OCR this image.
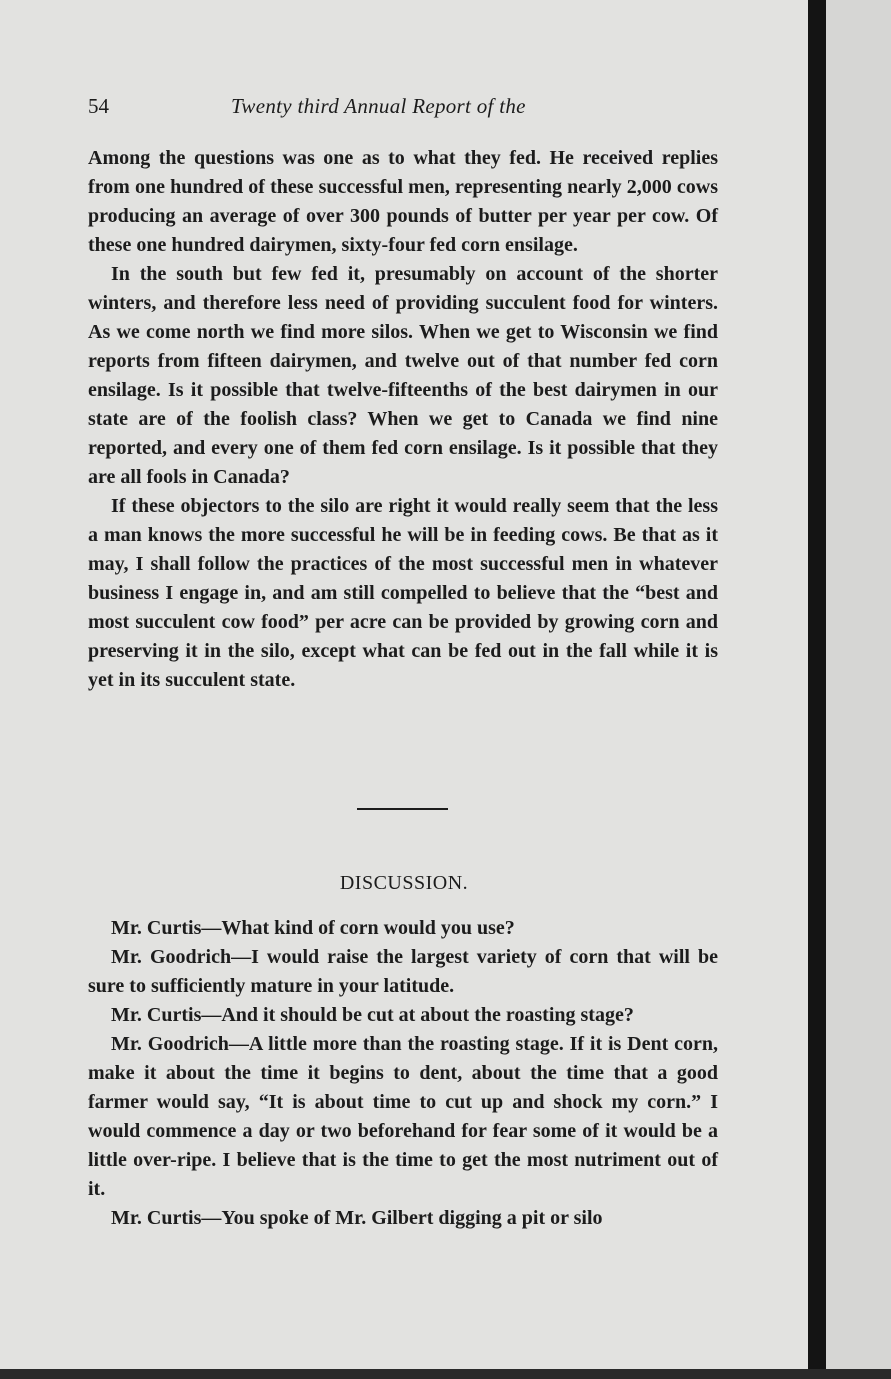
54	Twenty third Annual Report of the

Among the questions was one as to what they fed. He received replies from one hundred of these successful men, representing nearly 2,000 cows producing an average of over 300 pounds of butter per year per cow. Of these one hundred dairymen, sixty-four fed corn ensilage.

In the south but few fed it, presumably on account of the shorter winters, and therefore less need of providing succulent food for winters. As we come north we find more silos. When we get to Wisconsin we find reports from fifteen dairymen, and twelve out of that number fed corn ensilage. Is it possible that twelve-fifteenths of the best dairymen in our state are of the foolish class? When we get to Canada we find nine reported, and every one of them fed corn ensilage. Is it possible that they are all fools in Canada?

If these objectors to the silo are right it would really seem that the less a man knows the more successful he will be in feeding cows. Be that as it may, I shall follow the practices of the most successful men in whatever business I engage in, and am still compelled to believe that the “best and most succulent cow food” per acre can be provided by growing corn and preserving it in the silo, except what can be fed out in the fall while it is yet in its succulent state.

DISCUSSION.

Mr. Curtis—What kind of corn would you use?

Mr. Goodrich—I would raise the largest variety of corn that will be sure to sufficiently mature in your latitude.

Mr. Curtis—And it should be cut at about the roasting stage?

Mr. Goodrich—A little more than the roasting stage. If it is Dent corn, make it about the time it begins to dent, about the time that a good farmer would say, “It is about time to cut up and shock my corn.” I would commence a day or two beforehand for fear some of it would be a little over-ripe. I believe that is the time to get the most nutriment out of it.

Mr. Curtis—You spoke of Mr. Gilbert digging a pit or silo
